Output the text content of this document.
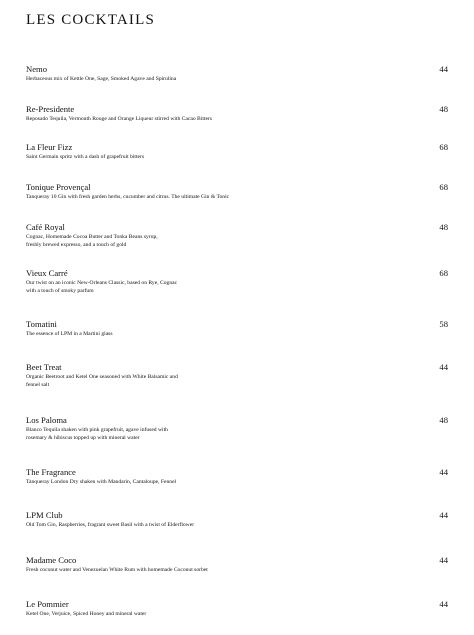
LES COCKTAILS
Nemo	44
Herbaceous mix of Kettle One, Sage, Smoked Agave and Spirulina
Re-Presidente	48
Reposado Tequila, Vermouth Rouge and Orange Liqueur stirred with Cacao Bitters
La Fleur Fizz	68
Saint Germain spritz with a dash of grapefruit bitters
Tonique Provençal	68
Tanqueray 10 Gin with fresh garden herbs, cucumber and citrus. The ultimate Gin & Tonic
Café Royal	48
Cognac, Homemade Cocoa Butter and Tonka Beans syrup,
freshly brewed expresso, and a touch of gold
Vieux Carré	68
Our twist on an iconic New-Orleans Classic, based on Rye, Cognac
with a touch of smoky parfum
Tomatini	58
The essence of LPM in a Martini glass
Beet Treat	44
Organic Beetroot and Ketel One seasoned with White Balsamic and
fennel salt
Los Paloma	48
Blanco Tequila shaken with pink grapefruit, agave infused with
rosemary & hibiscus topped up with mineral water
The Fragrance	44
Tanqueray London Dry shaken with Mandarin, Cantaloupe, Fennel
LPM Club	44
Old Tom Gin, Raspberries, fragrant sweet Basil with a twist of Elderflower
Madame Coco	44
Fresh coconut water and Venezuelan White Rum with homemade Coconut sorbet
Le Pommier	44
Ketel One, Verjuice, Spiced Honey and mineral water
